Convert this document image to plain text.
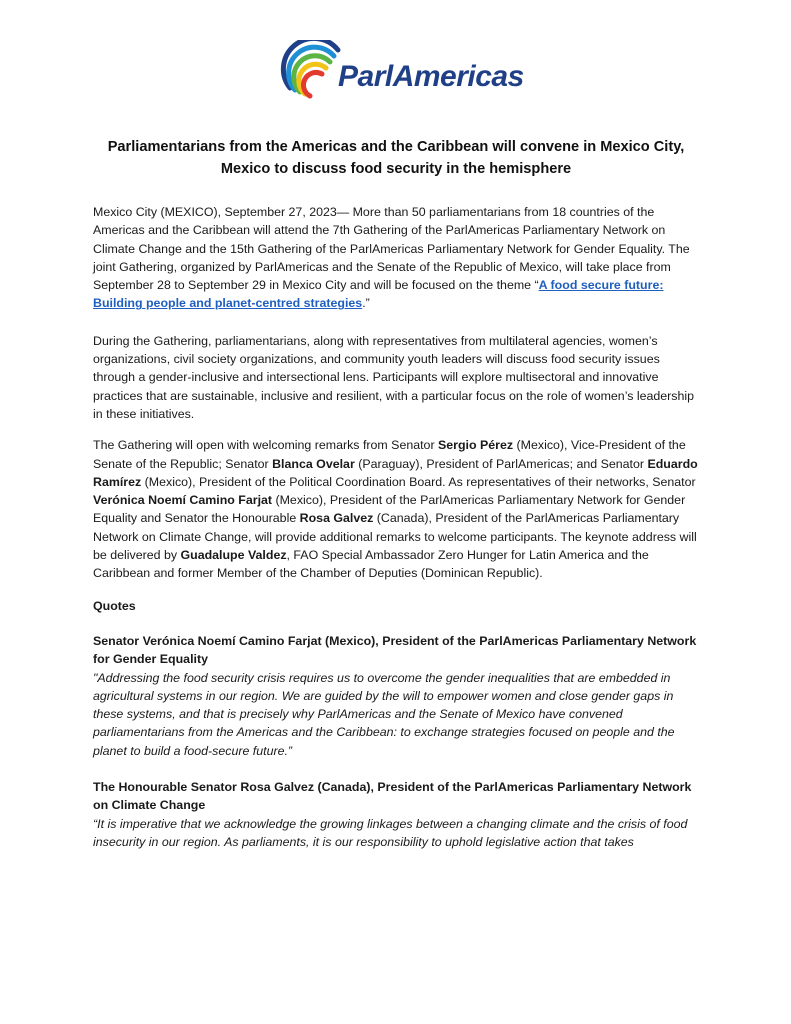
ParlAmericas
Parliamentarians from the Americas and the Caribbean will convene in Mexico City, Mexico to discuss food security in the hemisphere

Mexico City (MEXICO), September 27, 2023— More than 50 parliamentarians from 18 countries of the Americas and the Caribbean will attend the 7th Gathering of the ParlAmericas Parliamentary Network on Climate Change and the 15th Gathering of the ParlAmericas Parliamentary Network for Gender Equality. The joint Gathering, organized by ParlAmericas and the Senate of the Republic of Mexico, will take place from September 28 to September 29 in Mexico City and will be focused on the theme “A food secure future: Building people and planet-centred strategies.”

During the Gathering, parliamentarians, along with representatives from multilateral agencies, women’s organizations, civil society organizations, and community youth leaders will discuss food security issues through a gender-inclusive and intersectional lens. Participants will explore multisectoral and innovative practices that are sustainable, inclusive and resilient, with a particular focus on the role of women’s leadership in these initiatives.

The Gathering will open with welcoming remarks from Senator Sergio Pérez (Mexico), Vice-President of the Senate of the Republic; Senator Blanca Ovelar (Paraguay), President of ParlAmericas; and Senator Eduardo Ramírez (Mexico), President of the Political Coordination Board. As representatives of their networks, Senator Verónica Noemí Camino Farjat (Mexico), President of the ParlAmericas Parliamentary Network for Gender Equality and Senator the Honourable Rosa Galvez (Canada), President of the ParlAmericas Parliamentary Network on Climate Change, will provide additional remarks to welcome participants. The keynote address will be delivered by Guadalupe Valdez, FAO Special Ambassador Zero Hunger for Latin America and the Caribbean and former Member of the Chamber of Deputies (Dominican Republic).

Quotes

Senator Verónica Noemí Camino Farjat (Mexico), President of the ParlAmericas Parliamentary Network for Gender Equality

"Addressing the food security crisis requires us to overcome the gender inequalities that are embedded in agricultural systems in our region. We are guided by the will to empower women and close gender gaps in these systems, and that is precisely why ParlAmericas and the Senate of Mexico have convened parliamentarians from the Americas and the Caribbean: to exchange strategies focused on people and the planet to build a food-secure future.”

The Honourable Senator Rosa Galvez (Canada), President of the ParlAmericas Parliamentary Network on Climate Change

“It is imperative that we acknowledge the growing linkages between a changing climate and the crisis of food insecurity in our region. As parliaments, it is our responsibility to uphold legislative action that takes
